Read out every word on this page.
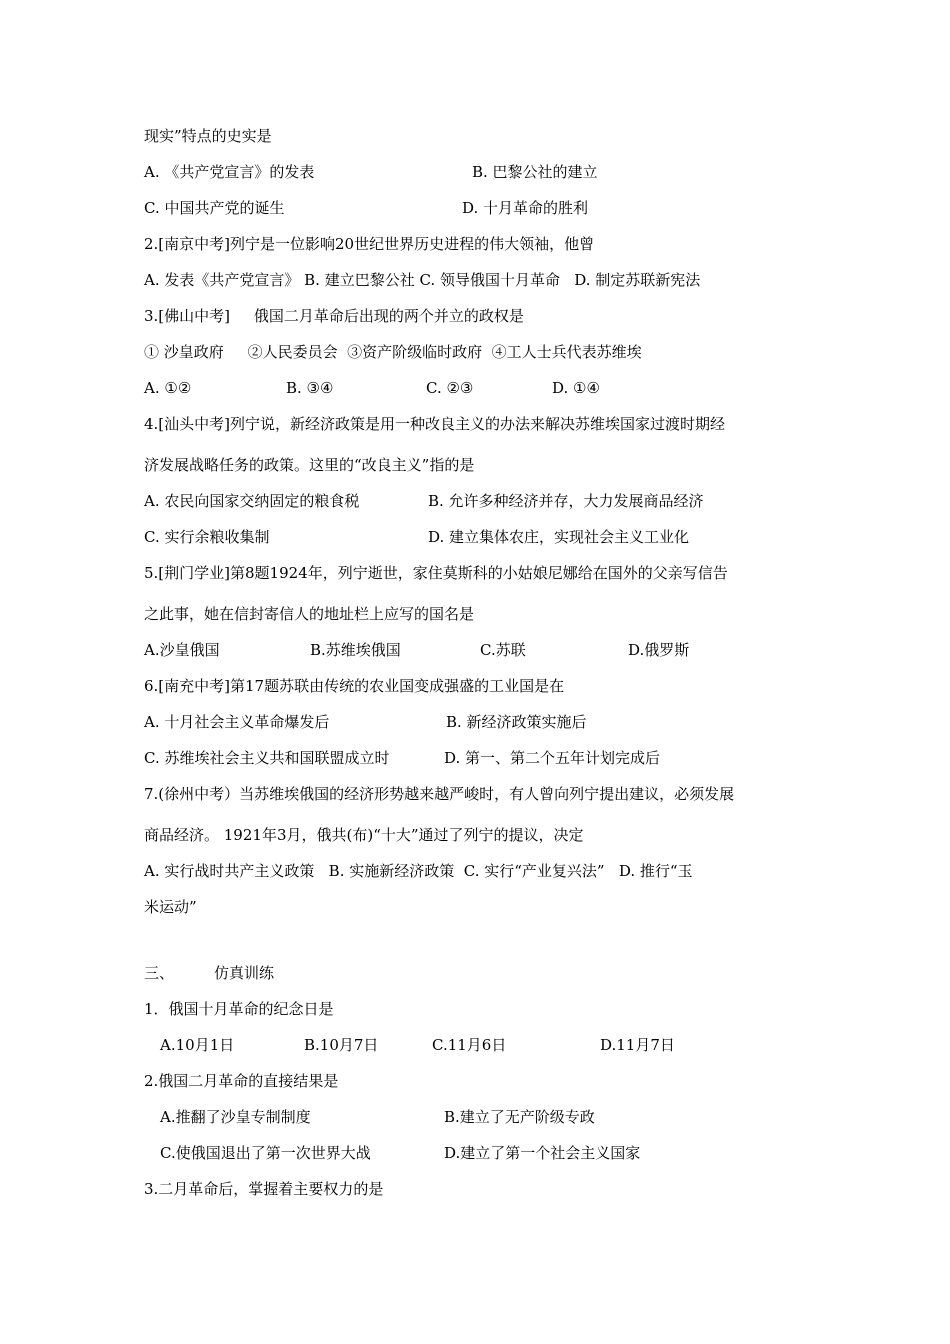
现实”特点的史实是
A. 《共产党宣言》的发表	B. 巴黎公社的建立
C. 中国共产党的诞生	D. 十月革命的胜利
2.[南京中考]列宁是一位影响20世纪世界历史进程的伟大领袖，他曾
A. 发表《共产党宣言》 B. 建立巴黎公社 C. 领导俄国十月革命   D. 制定苏联新宪法
3.[佛山中考]     俄国二月革命后出现的两个并立的政权是
① 沙皇政府     ②人民委员会  ③资产阶级临时政府  ④工人士兵代表苏维埃
A. ①②	B. ③④	C. ②③	D. ①④
4.[汕头中考]列宁说，新经济政策是用一种改良主义的办法来解决苏维埃国家过渡时期经
济发展战略任务的政策。这里的“改良主义”指的是
A. 农民向国家交纳固定的粮食税	B. 允许多种经济并存，大力发展商品经济
C. 实行余粮收集制	D. 建立集体农庄，实现社会主义工业化
5.[荆门学业]第8题1924年，列宁逝世，家住莫斯科的小姑娘尼娜给在国外的父亲写信告
之此事，她在信封寄信人的地址栏上应写的国名是
A.沙皇俄国	B.苏维埃俄国	C.苏联	D.俄罗斯
6.[南充中考]第17题苏联由传统的农业国变成强盛的工业国是在
A. 十月社会主义革命爆发后	B. 新经济政策实施后
C. 苏维埃社会主义共和国联盟成立时	D. 第一、第二个五年计划完成后
7.(徐州中考）当苏维埃俄国的经济形势越来越严峻时，有人曾向列宁提出建议，必须发展
商品经济。 1921年3月，俄共(布)“十大”通过了列宁的提议，决定
A. 实行战时共产主义政策   B. 实施新经济政策  C. 实行“产业复兴法”   D. 推行“玉
米运动”
三、	仿真训练
1．俄国十月革命的纪念日是
A.10月1日	B.10月7日	C.11月6日	D.11月7日
2.俄国二月革命的直接结果是
A.推翻了沙皇专制制度	B.建立了无产阶级专政
C.使俄国退出了第一次世界大战	D.建立了第一个社会主义国家
3.二月革命后，掌握着主要权力的是
